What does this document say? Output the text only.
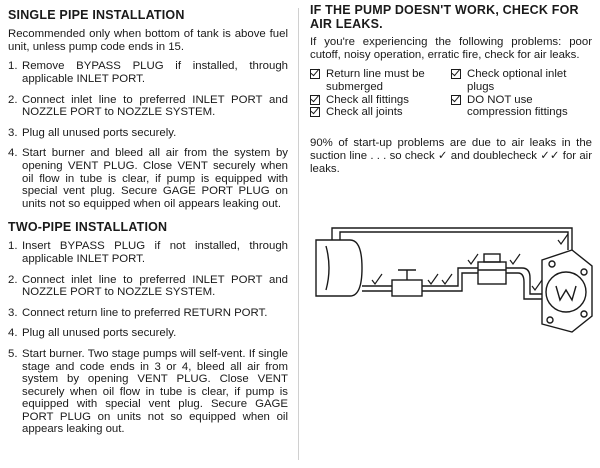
SINGLE PIPE INSTALLATION

Recommended only when bottom of tank is above fuel unit, unless pump code ends in 15.

1. Remove BYPASS PLUG if installed, through applicable INLET PORT.
2. Connect inlet line to preferred INLET PORT and NOZZLE PORT to NOZZLE SYSTEM.
3. Plug all unused ports securely.
4. Start burner and bleed all air from the system by opening VENT PLUG. Close VENT securely when oil flow in tube is clear, if pump is equipped with special vent plug. Secure GAGE PORT PLUG on units not so equipped when oil appears leaking out.
TWO-PIPE INSTALLATION
1. Insert BYPASS PLUG if not installed, through applicable INLET PORT.
2. Connect inlet line to preferred INLET PORT and NOZZLE PORT to NOZZLE SYSTEM.
3. Connect return line to preferred RETURN PORT.
4. Plug all unused ports securely.
5. Start burner. Two stage pumps will self-vent. If single stage and code ends in 3 or 4, bleed all air from system by opening VENT PLUG. Close VENT securely when oil flow in tube is clear, if pump is equipped with special vent plug. Secure GAGE PORT PLUG on units not so equipped when oil appears leaking out.
IF THE PUMP DOESN'T WORK, CHECK FOR AIR LEAKS.

If you're experiencing the following problems: poor cutoff, noisy operation, erratic fire, check for air leaks.

Return line must be submerged
Check all fittings
Check all joints
Check optional inlet plugs
DO NOT use compression fittings

90% of start-up problems are due to air leaks in the suction line . . . so check ✓ and doublecheck ✓✓ for air leaks.
